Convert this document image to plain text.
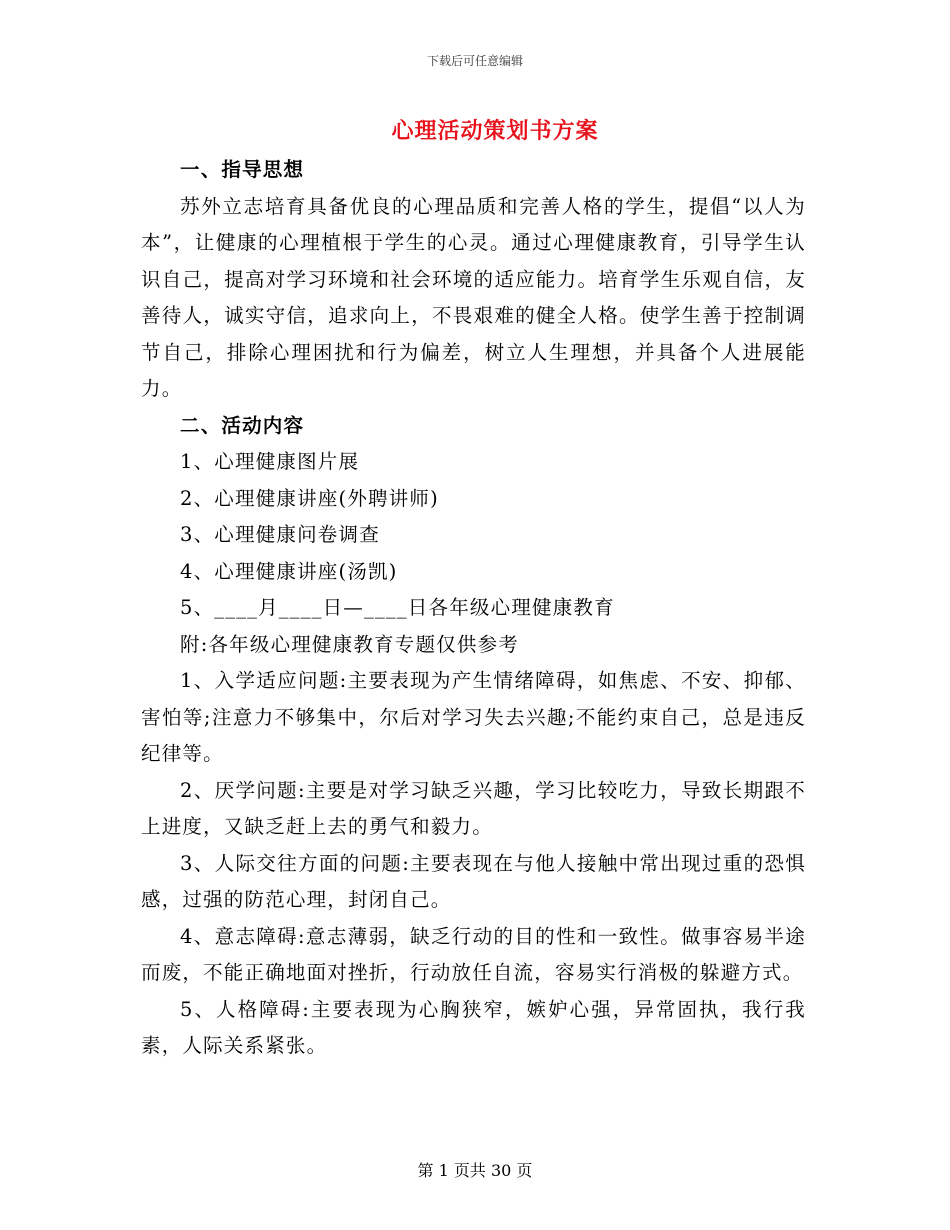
下载后可任意编辑
心理活动策划书方案

一、指导思想

苏外立志培育具备优良的心理品质和完善人格的学生，提倡“以人为本”，让健康的心理植根于学生的心灵。通过心理健康教育，引导学生认识自己，提高对学习环境和社会环境的适应能力。培育学生乐观自信，友善待人，诚实守信，追求向上，不畏艰难的健全人格。使学生善于控制调节自己，排除心理困扰和行为偏差，树立人生理想，并具备个人进展能力。

二、活动内容

1、心理健康图片展

2、心理健康讲座(外聘讲师)

3、心理健康问卷调查

4、心理健康讲座(汤凯)

5、____月____日—____日各年级心理健康教育

附:各年级心理健康教育专题仅供参考

1、入学适应问题:主要表现为产生情绪障碍，如焦虑、不安、抑郁、害怕等;注意力不够集中，尔后对学习失去兴趣;不能约束自己，总是违反纪律等。

2、厌学问题:主要是对学习缺乏兴趣，学习比较吃力，导致长期跟不上进度，又缺乏赶上去的勇气和毅力。

3、人际交往方面的问题:主要表现在与他人接触中常出现过重的恐惧感，过强的防范心理，封闭自己。

4、意志障碍:意志薄弱，缺乏行动的目的性和一致性。做事容易半途而废，不能正确地面对挫折，行动放任自流，容易实行消极的躲避方式。

5、人格障碍:主要表现为心胸狭窄，嫉妒心强，异常固执，我行我素，人际关系紧张。

第 1 页共 30 页
